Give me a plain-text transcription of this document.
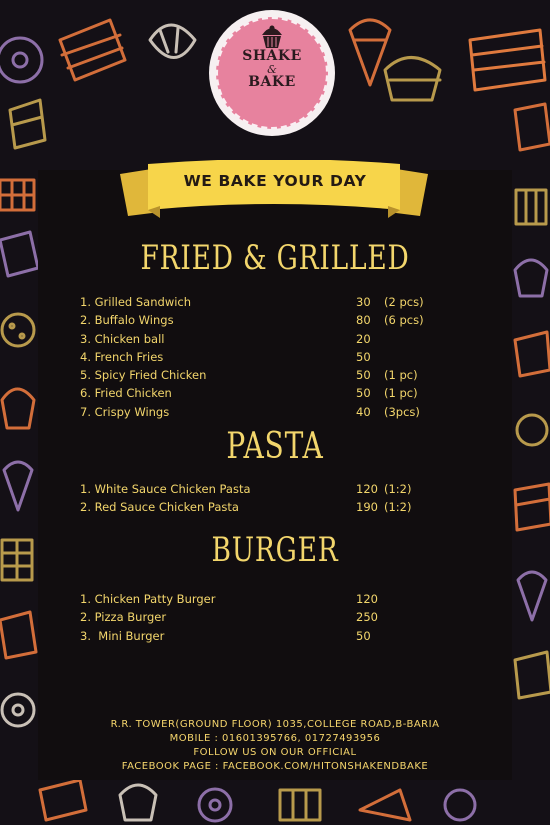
SHAKE
&
BAKE
WE BAKE YOUR DAY
FRIED & GRILLED
1. Grilled Sandwich	30 (2 pcs)
2. Buffalo Wings	80 (6 pcs)
3. Chicken ball	20
4. French Fries	50
5. Spicy Fried Chicken	50 (1 pc)
6. Fried Chicken	50 (1 pc)
7. Crispy Wings	40 (3pcs)
PASTA
1. White Sauce Chicken Pasta	120 (1:2)
2. Red Sauce Chicken Pasta	190 (1:2)
BURGER
1. Chicken Patty Burger	120
2. Pizza Burger	250
3.  Mini Burger	50
R.R. TOWER(GROUND FLOOR) 1035,COLLEGE ROAD,B-BARIA
MOBILE : 01601395766, 01727493956
FOLLOW US ON OUR OFFICIAL
FACEBOOK PAGE : FACEBOOK.COM/HITONSHAKENDBAKE
